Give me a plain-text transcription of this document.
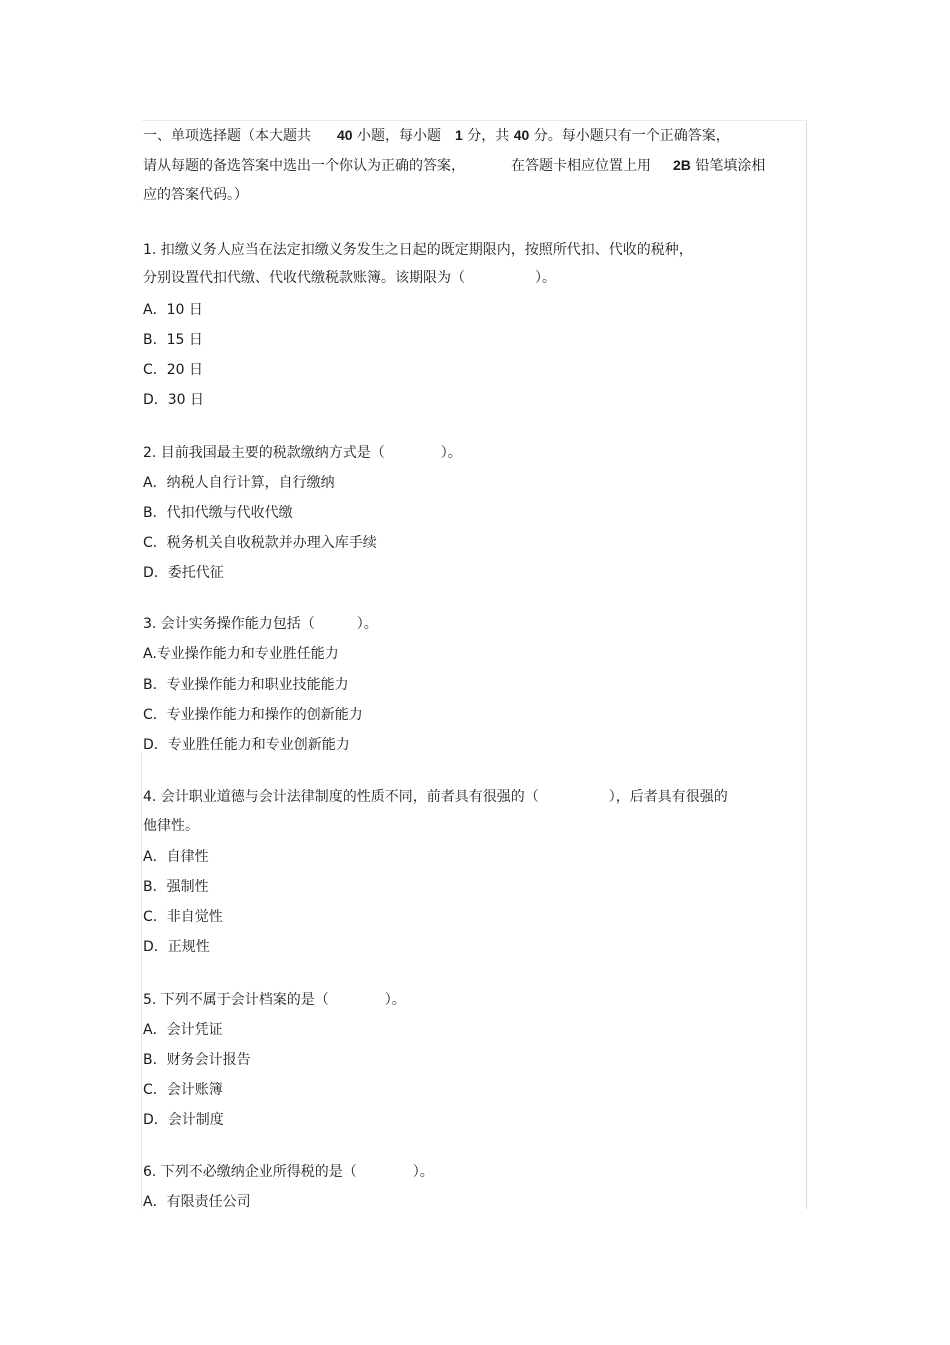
一、单项选择题（本大题共 40 小题，每小题 1 分，共 40 分。每小题只有一个正确答案，
请从每题的备选答案中选出一个你认为正确的答案，	在答题卡相应位置上用 2B 铅笔填涂相
应的答案代码。）
1. 扣缴义务人应当在法定扣缴义务发生之日起的既定期限内，按照所代扣、代收的税种，
分别设置代扣代缴、代收代缴税款账簿。该期限为（　　　　　）。
A．10 日
B．15 日
C．20 日
D．30 日
2. 目前我国最主要的税款缴纳方式是（　　　　）。
A．纳税人自行计算，自行缴纳
B．代扣代缴与代收代缴
C．税务机关自收税款并办理入库手续
D．委托代征
3. 会计实务操作能力包括（　　　）。
A.专业操作能力和专业胜任能力
B．专业操作能力和职业技能能力
C．专业操作能力和操作的创新能力
D．专业胜任能力和专业创新能力
4. 会计职业道德与会计法律制度的性质不同，前者具有很强的（　　　　　），后者具有很强的
他律性。
A．自律性
B．强制性
C．非自觉性
D．正规性
5. 下列不属于会计档案的是（　　　　）。
A．会计凭证
B．财务会计报告
C．会计账簿
D．会计制度
6. 下列不必缴纳企业所得税的是（　　　　）。
A．有限责任公司
